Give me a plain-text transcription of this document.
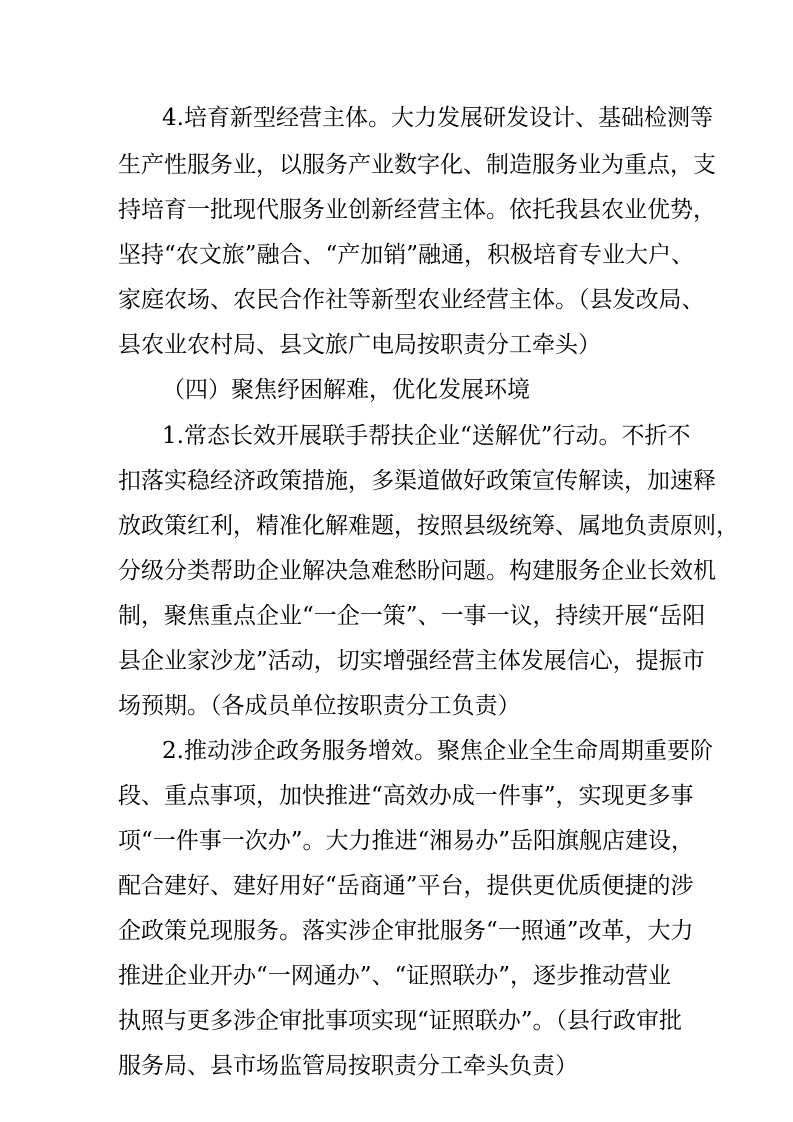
4.培育新型经营主体。大力发展研发设计、基础检测等
生产性服务业，以服务产业数字化、制造服务业为重点，支
持培育一批现代服务业创新经营主体。依托我县农业优势，
坚持“农文旅”融合、“产加销”融通，积极培育专业大户、
家庭农场、农民合作社等新型农业经营主体。（县发改局、
县农业农村局、县文旅广电局按职责分工牵头）
（四）聚焦纾困解难，优化发展环境
1.常态长效开展联手帮扶企业“送解优”行动。不折不
扣落实稳经济政策措施，多渠道做好政策宣传解读，加速释
放政策红利，精准化解难题，按照县级统筹、属地负责原则，
分级分类帮助企业解决急难愁盼问题。构建服务企业长效机
制，聚焦重点企业“一企一策”、一事一议，持续开展“岳阳
县企业家沙龙”活动，切实增强经营主体发展信心，提振市
场预期。（各成员单位按职责分工负责）
2.推动涉企政务服务增效。聚焦企业全生命周期重要阶
段、重点事项，加快推进“高效办成一件事”，实现更多事
项“一件事一次办”。大力推进“湘易办”岳阳旗舰店建设，
配合建好、建好用好“岳商通”平台，提供更优质便捷的涉
企政策兑现服务。落实涉企审批服务“一照通”改革，大力
推进企业开办“一网通办”、“证照联办”，逐步推动营业
执照与更多涉企审批事项实现“证照联办”。（县行政审批
服务局、县市场监管局按职责分工牵头负责）
